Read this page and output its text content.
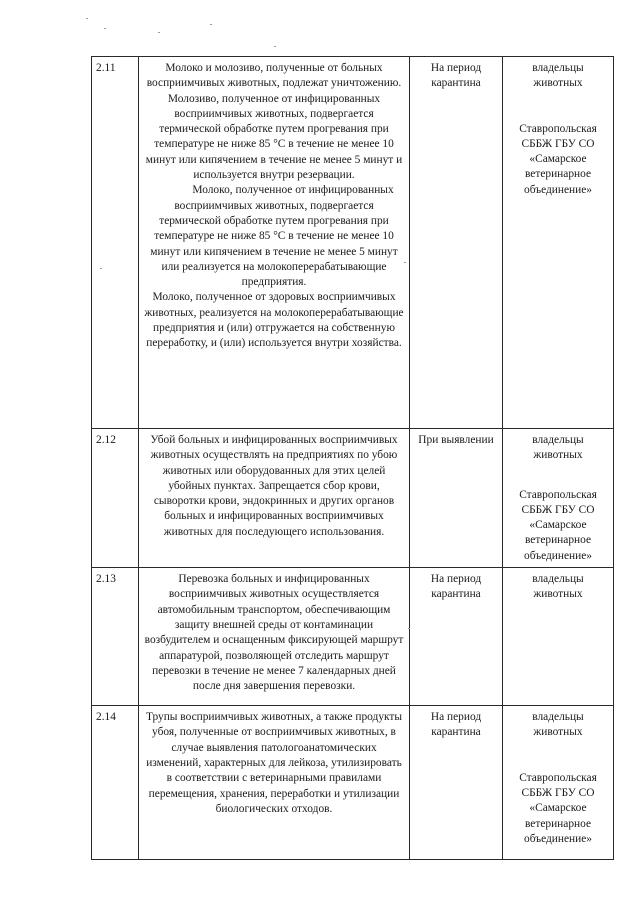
2.11	Молоко и молозиво, полученные от больных восприимчивых животных, подлежат уничтожению. Молозиво, полученное от инфицированных восприимчивых животных, подвергается термической обработке путем прогревания при температуре не ниже 85 °С в течение не менее 10 минут или кипячением в течение не менее 5 минут и используется внутри резервации.
Молоко, полученное от инфицированных восприимчивых животных, подвергается термической обработке путем прогревания при температуре не ниже 85 °С в течение не менее 10 минут или кипячением в течение не менее 5 минут или реализуется на молокоперерабатывающие предприятия.
Молоко, полученное от здоровых восприимчивых животных, реализуется на молокоперерабатывающие предприятия и (или) отгружается на собственную переработку, и (или) используется внутри хозяйства.	На период карантина	владельцы животных
Ставропольская СББЖ ГБУ СО «Самарское ветеринарное объединение»

2.12	Убой больных и инфицированных восприимчивых животных осуществлять на предприятиях по убою животных или оборудованных для этих целей убойных пунктах. Запрещается сбор крови, сыворотки крови, эндокринных и других органов больных и инфицированных восприимчивых животных для последующего использования.	При выявлении	владельцы животных
Ставропольская СББЖ ГБУ СО «Самарское ветеринарное объединение»

2.13	Перевозка больных и инфицированных восприимчивых животных осуществляется автомобильным транспортом, обеспечивающим защиту внешней среды от контаминации возбудителем и оснащенным фиксирующей маршрут аппаратурой, позволяющей отследить маршрут перевозки в течение не менее 7 календарных дней после дня завершения перевозки.	На период карантина	владельцы животных

2.14	Трупы восприимчивых животных, а также продукты убоя, полученные от восприимчивых животных, в случае выявления патологоанатомических изменений, характерных для лейкоза, утилизировать в соответствии с ветеринарными правилами перемещения, хранения, переработки и утилизации биологических отходов.	На период карантина	владельцы животных
Ставропольская СББЖ ГБУ СО «Самарское ветеринарное объединение»
